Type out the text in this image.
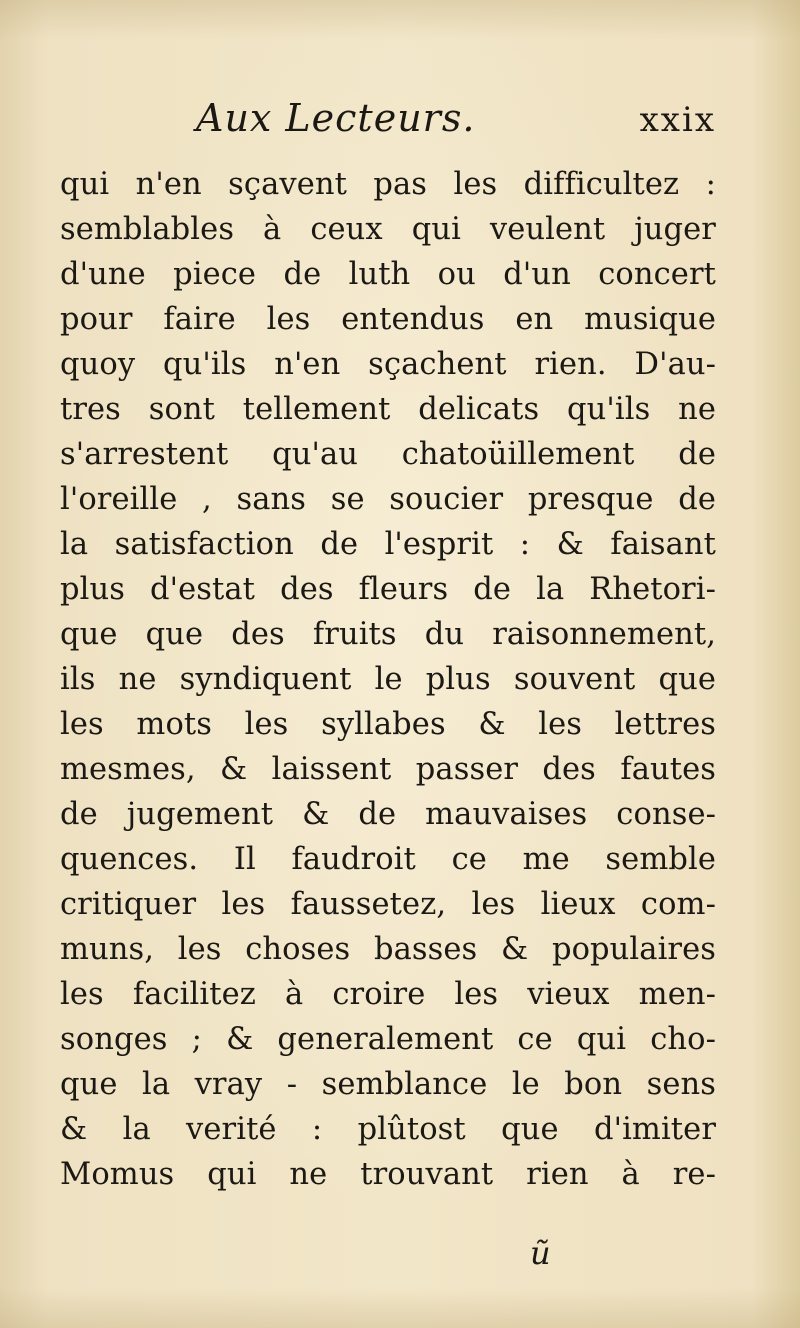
Aux Lecteurs.	xxix
qui n'en sçavent pas les difficultez :
semblables à ceux qui veulent juger
d'une piece de luth ou d'un concert
pour faire les entendus en musique
quoy qu'ils n'en sçachent rien. D'au-
tres sont tellement delicats qu'ils ne
s'arrestent qu'au chatoüillement de
l'oreille , sans se soucier presque de
la satisfaction de l'esprit : & faisant
plus d'estat des fleurs de la Rhetori-
que que des fruits du raisonnement,
ils ne syndiquent le plus souvent que
les mots les syllabes & les lettres
mesmes, & laissent passer des fautes
de jugement & de mauvaises conse-
quences. Il faudroit ce me semble
critiquer les faussetez, les lieux com-
muns, les choses basses & populaires
les facilitez à croire les vieux men-
songes ; & generalement ce qui cho-
que la vray - semblance le bon sens
& la verité : plûtost que d'imiter
Momus qui ne trouvant rien à re-
ũ
